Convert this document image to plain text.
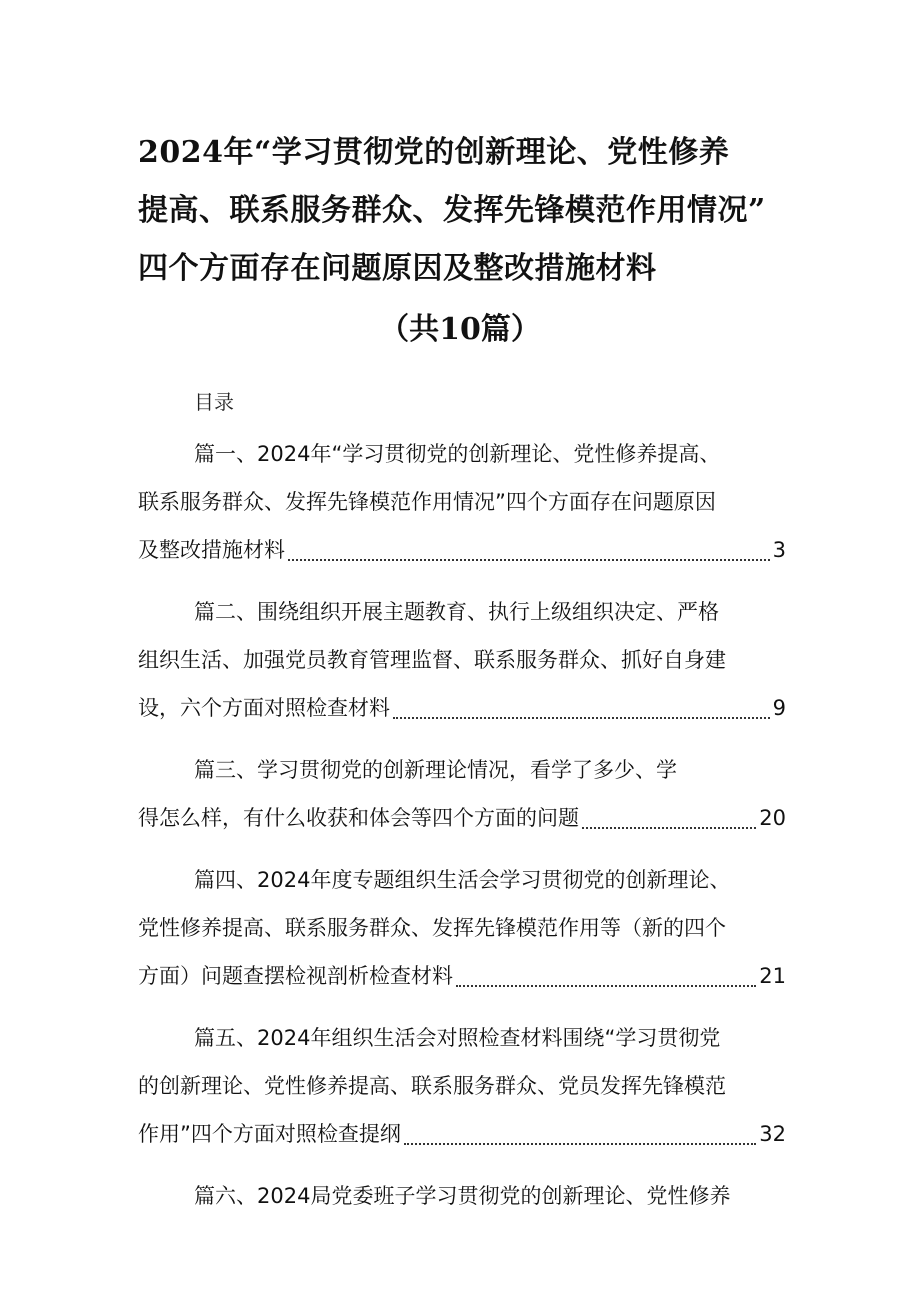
2024年“学习贯彻党的创新理论、党性修养
提高、联系服务群众、发挥先锋模范作用情况”
四个方面存在问题原因及整改措施材料
（共10篇）
目录
篇一、2024年“学习贯彻党的创新理论、党性修养提高、
联系服务群众、发挥先锋模范作用情况”四个方面存在问题原因
及整改措施材料	3
篇二、围绕组织开展主题教育、执行上级组织决定、严格
组织生活、加强党员教育管理监督、联系服务群众、抓好自身建
设，六个方面对照检查材料	9
篇三、学习贯彻党的创新理论情况，看学了多少、学
得怎么样，有什么收获和体会等四个方面的问题	20
篇四、2024年度专题组织生活会学习贯彻党的创新理论、
党性修养提高、联系服务群众、发挥先锋模范作用等（新的四个
方面）问题查摆检视剖析检查材料	21
篇五、2024年组织生活会对照检查材料围绕“学习贯彻党
的创新理论、党性修养提高、联系服务群众、党员发挥先锋模范
作用”四个方面对照检查提纲	32
篇六、2024局党委班子学习贯彻党的创新理论、党性修养
